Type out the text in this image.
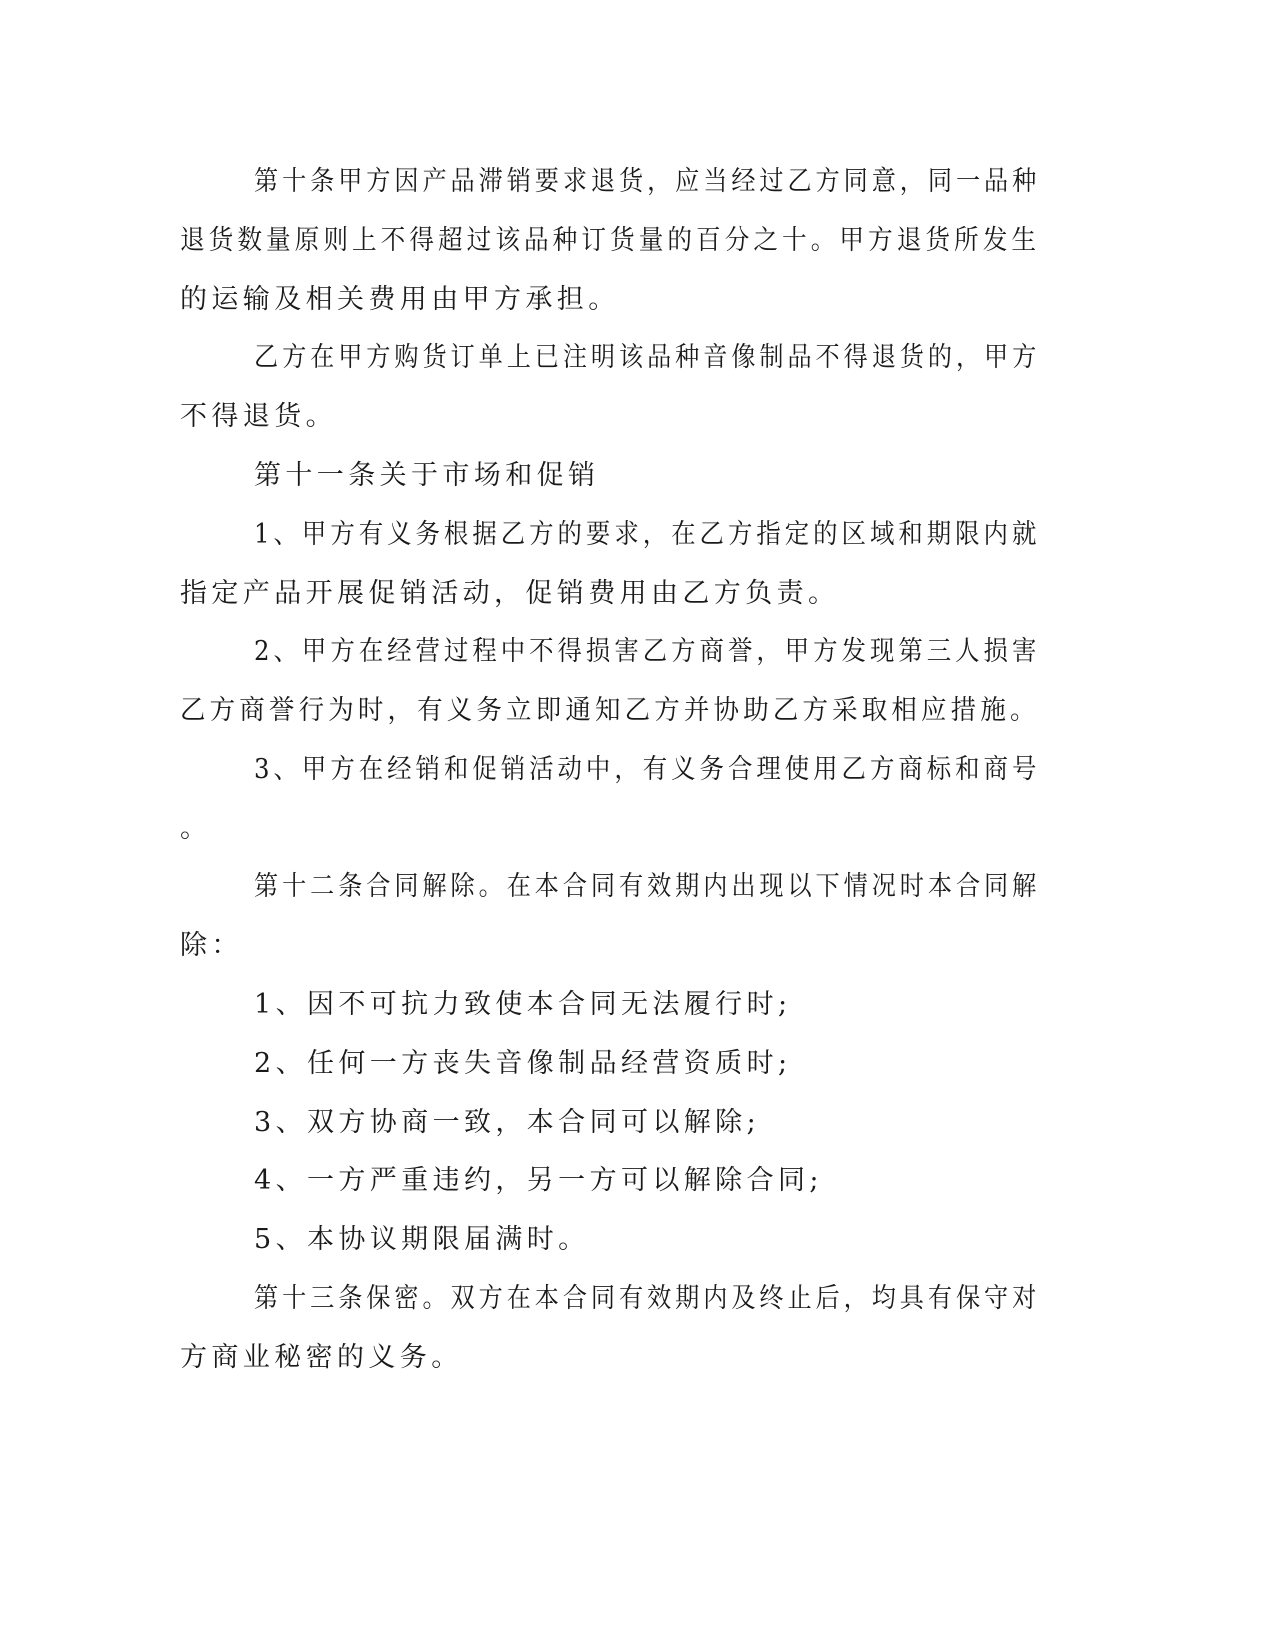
第十条甲方因产品滞销要求退货，应当经过乙方同意，同一品种
退货数量原则上不得超过该品种订货量的百分之十。甲方退货所发生
的运输及相关费用由甲方承担。
乙方在甲方购货订单上已注明该品种音像制品不得退货的，甲方
不得退货。
第十一条关于市场和促销
1、甲方有义务根据乙方的要求，在乙方指定的区域和期限内就
指定产品开展促销活动，促销费用由乙方负责。
2、甲方在经营过程中不得损害乙方商誉，甲方发现第三人损害
乙方商誉行为时，有义务立即通知乙方并协助乙方采取相应措施。
3、甲方在经销和促销活动中，有义务合理使用乙方商标和商号
。
第十二条合同解除。在本合同有效期内出现以下情况时本合同解
除：
1、因不可抗力致使本合同无法履行时;
2、任何一方丧失音像制品经营资质时;
3、双方协商一致，本合同可以解除;
4、一方严重违约，另一方可以解除合同;
5、本协议期限届满时。
第十三条保密。双方在本合同有效期内及终止后，均具有保守对
方商业秘密的义务。
